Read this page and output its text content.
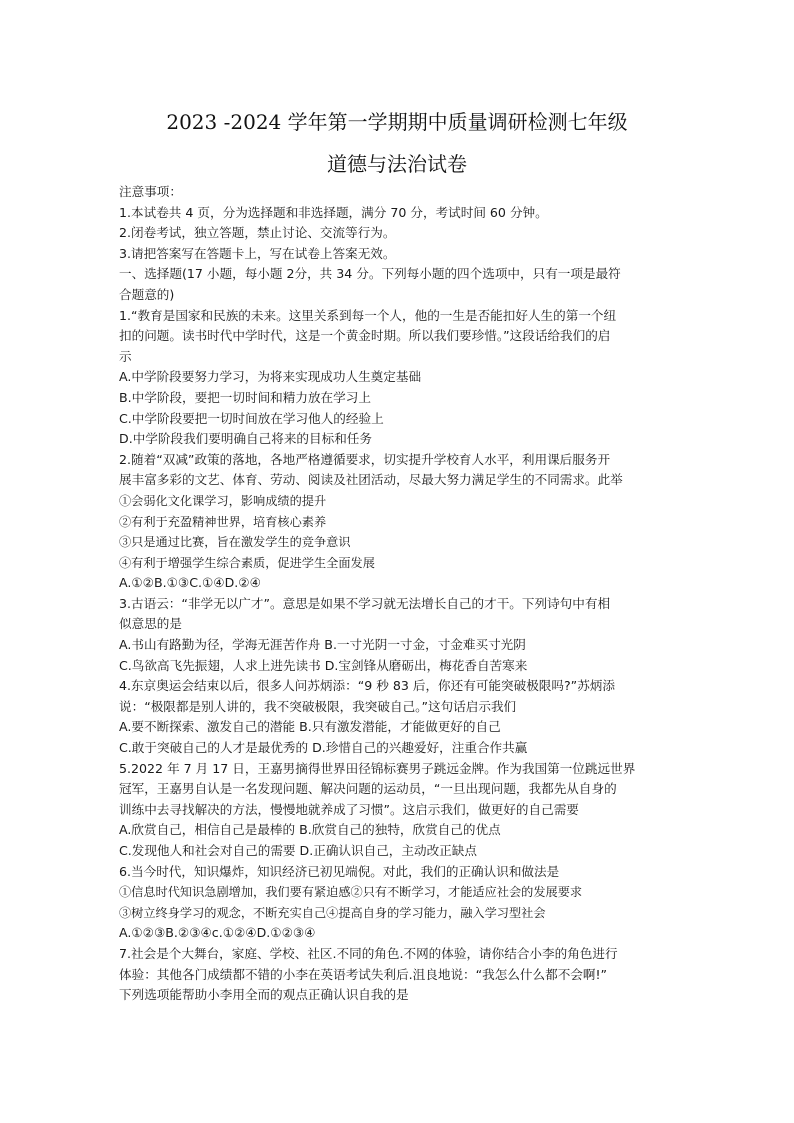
2023 -2024 学年第一学期期中质量调研检测七年级
道德与法治试卷
注意事项：
1.本试卷共 4 页，分为选择题和非选择题，满分 70 分，考试时间 60 分钟。
2.闭卷考试，独立答题，禁止讨论、交流等行为。
3.请把答案写在答题卡上，写在试卷上答案无效。
一、选择题(17 小题，每小题 2分，共 34 分。下列每小题的四个选项中，只有一项是最符
合题意的)
1.“教育是国家和民族的未来。这里关系到每一个人，他的一生是否能扣好人生的第一个纽
扣的问题。读书时代中学时代，这是一个黄金时期。所以我们要珍惜。”这段话给我们的启
示
A.中学阶段要努力学习，为将来实现成功人生奠定基础
B.中学阶段，要把一切时间和精力放在学习上
C.中学阶段要把一切时间放在学习他人的经验上
D.中学阶段我们要明确自己将来的目标和任务
2.随着“双减”政策的落地，各地严格遵循要求，切实提升学校育人水平，利用课后服务开
展丰富多彩的文艺、体育、劳动、阅读及社团活动，尽最大努力满足学生的不同需求。此举
①会弱化文化课学习，影响成绩的提升
②有利于充盈精神世界，培育核心素养
③只是通过比赛，旨在激发学生的竞争意识
④有利于增强学生综合素质，促进学生全面发展
A.①②B.①③C.①④D.②④
3.古语云：“非学无以广才”。意思是如果不学习就无法增长自己的才干。下列诗句中有相
似意思的是
A.书山有路勤为径，学海无涯苦作舟 B.一寸光阴一寸金，寸金难买寸光阴
C.鸟欲高飞先振翅，人求上进先读书 D.宝剑锋从磨砺出，梅花香自苦寒来
4.东京奥运会结束以后，很多人问苏炳添：“9 秒 83 后，你还有可能突破极限吗?”苏炳添
说：“极限都是别人讲的，我不突破极限，我突破自己。”这句话启示我们
A.要不断探索、激发自己的潜能 B.只有激发潜能，才能做更好的自己
C.敢于突破自己的人才是最优秀的 D.珍惜自己的兴趣爱好，注重合作共赢
5.2022 年 7 月 17 日，王嘉男摘得世界田径锦标赛男子跳远金牌。作为我国第一位跳远世界
冠军，王嘉男自认是一名发现问题、解决问题的运动员，“一旦出现问题，我都先从自身的
训练中去寻找解决的方法，慢慢地就养成了习惯”。这启示我们，做更好的自己需要
A.欣赏自己，相信自己是最棒的 B.欣赏自己的独特，欣赏自己的优点
C.发现他人和社会对自己的需要 D.正确认识自己，主动改正缺点
6.当今时代，知识爆炸，知识经济已初见端倪。对此，我们的正确认识和做法是
①信息时代知识急剧增加，我们要有紧迫感②只有不断学习，才能适应社会的发展要求
③树立终身学习的观念，不断充实自己④提高自身的学习能力，融入学习型社会
A.①②③B.②③④c.①②④D.①②③④
7.社会是个大舞台，家庭、学校、社区.不同的角色.不网的体验，请你结合小李的角色进行
体验：其他各门成绩都不错的小李在英语考试失利后.沮良地说：“我怎么什么都不会啊!”
下列选项能帮助小李用全而的观点正确认识自我的是
